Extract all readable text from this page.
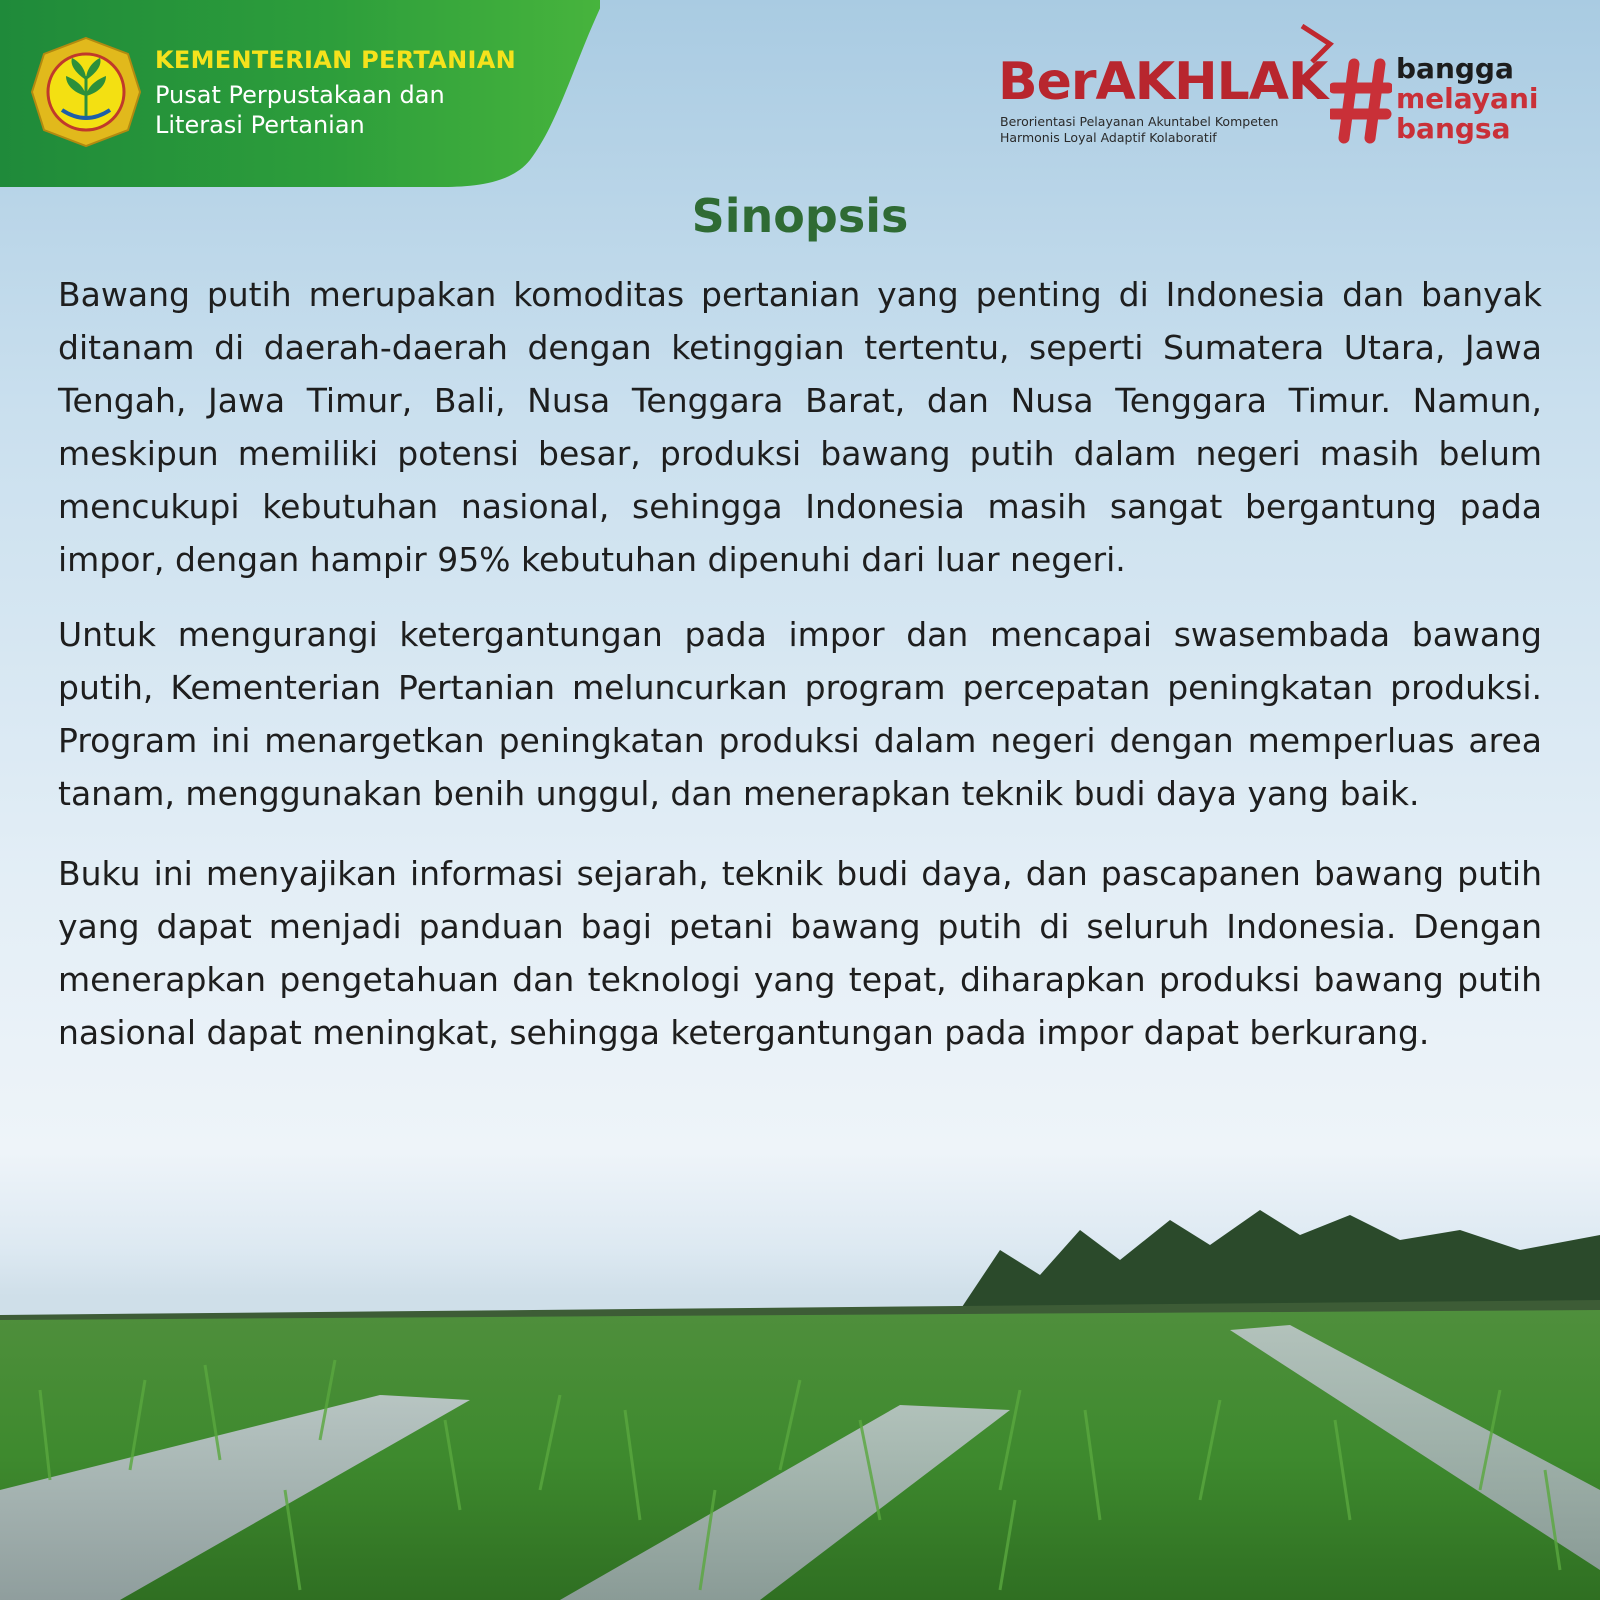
KEMENTERIAN PERTANIAN
Pusat Perpustakaan dan
Literasi Pertanian
BerAKHLAK
Berorientasi Pelayanan Akuntabel Kompeten
Harmonis Loyal Adaptif Kolaboratif
bangga
melayani
bangsa
Sinopsis

Bawang putih merupakan komoditas pertanian yang penting di Indonesia dan banyak ditanam di daerah-daerah dengan ketinggian tertentu, seperti Sumatera Utara, Jawa Tengah, Jawa Timur, Bali, Nusa Tenggara Barat, dan Nusa Tenggara Timur. Namun, meskipun memiliki potensi besar, produksi bawang putih dalam negeri masih belum mencukupi kebutuhan nasional, sehingga Indonesia masih sangat bergantung pada impor, dengan hampir 95% kebutuhan dipenuhi dari luar negeri.

Untuk mengurangi ketergantungan pada impor dan mencapai swasembada bawang putih, Kementerian Pertanian meluncurkan program percepatan peningkatan produksi. Program ini menargetkan peningkatan produksi dalam negeri dengan memperluas area tanam, menggunakan benih unggul, dan menerapkan teknik budi daya yang baik.

Buku ini menyajikan informasi sejarah, teknik budi daya, dan pascapanen bawang putih yang dapat menjadi panduan bagi petani bawang putih di seluruh Indonesia. Dengan menerapkan pengetahuan dan teknologi yang tepat, diharapkan produksi bawang putih nasional dapat meningkat, sehingga ketergantungan pada impor dapat berkurang.
